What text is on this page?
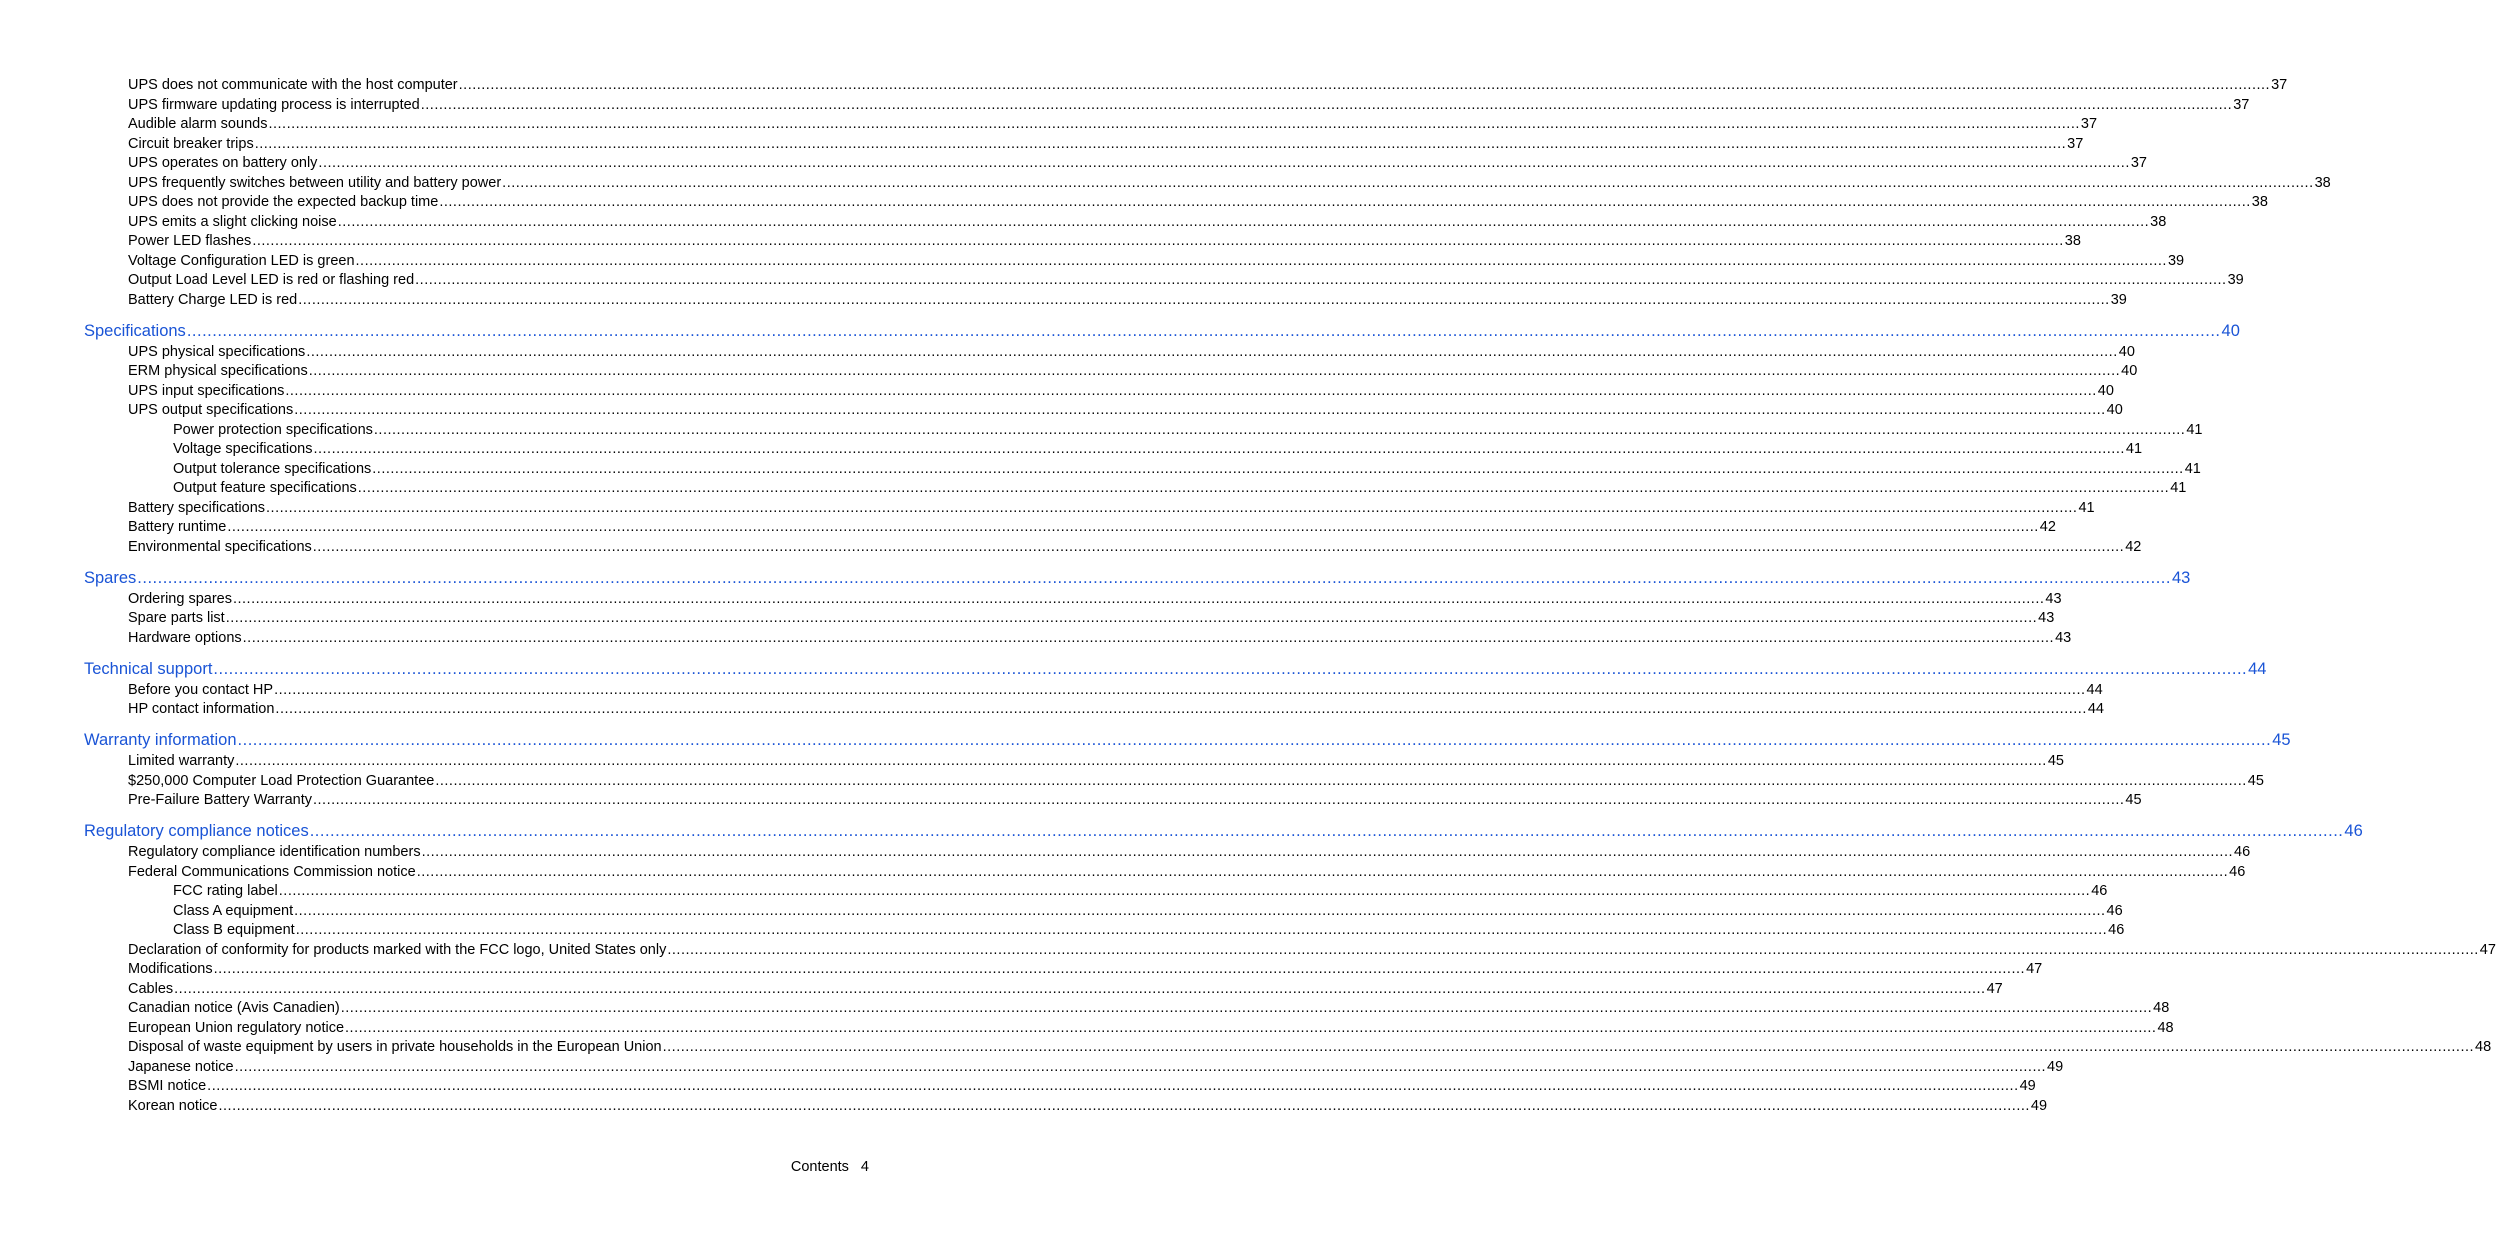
UPS does not communicate with the host computer ................................................................................................................................................................................................................................................................................................................................................................................................................ 37
UPS firmware updating process is interrupted ................................................................................................................................................................................................................................................................................................................................................................................................................ 37
Audible alarm sounds ................................................................................................................................................................................................................................................................................................................................................................................................................ 37
Circuit breaker trips ................................................................................................................................................................................................................................................................................................................................................................................................................ 37
UPS operates on battery only ................................................................................................................................................................................................................................................................................................................................................................................................................ 37
UPS frequently switches between utility and battery power ................................................................................................................................................................................................................................................................................................................................................................................................................ 38
UPS does not provide the expected backup time ................................................................................................................................................................................................................................................................................................................................................................................................................ 38
UPS emits a slight clicking noise ................................................................................................................................................................................................................................................................................................................................................................................................................ 38
Power LED flashes ................................................................................................................................................................................................................................................................................................................................................................................................................ 38
Voltage Configuration LED is green ................................................................................................................................................................................................................................................................................................................................................................................................................ 39
Output Load Level LED is red or flashing red ................................................................................................................................................................................................................................................................................................................................................................................................................ 39
Battery Charge LED is red ................................................................................................................................................................................................................................................................................................................................................................................................................ 39
Specifications ................................................................................................................................................................................................................................................................................................................................................................................................................ 40
UPS physical specifications ................................................................................................................................................................................................................................................................................................................................................................................................................ 40
ERM physical specifications ................................................................................................................................................................................................................................................................................................................................................................................................................ 40
UPS input specifications ................................................................................................................................................................................................................................................................................................................................................................................................................ 40
UPS output specifications ................................................................................................................................................................................................................................................................................................................................................................................................................ 40
Power protection specifications ................................................................................................................................................................................................................................................................................................................................................................................................................ 41
Voltage specifications ................................................................................................................................................................................................................................................................................................................................................................................................................ 41
Output tolerance specifications ................................................................................................................................................................................................................................................................................................................................................................................................................ 41
Output feature specifications ................................................................................................................................................................................................................................................................................................................................................................................................................ 41
Battery specifications ................................................................................................................................................................................................................................................................................................................................................................................................................ 41
Battery runtime ................................................................................................................................................................................................................................................................................................................................................................................................................ 42
Environmental specifications ................................................................................................................................................................................................................................................................................................................................................................................................................ 42
Spares ................................................................................................................................................................................................................................................................................................................................................................................................................ 43
Ordering spares ................................................................................................................................................................................................................................................................................................................................................................................................................ 43
Spare parts list ................................................................................................................................................................................................................................................................................................................................................................................................................ 43
Hardware options ................................................................................................................................................................................................................................................................................................................................................................................................................ 43
Technical support ................................................................................................................................................................................................................................................................................................................................................................................................................ 44
Before you contact HP ................................................................................................................................................................................................................................................................................................................................................................................................................ 44
HP contact information ................................................................................................................................................................................................................................................................................................................................................................................................................ 44
Warranty information ................................................................................................................................................................................................................................................................................................................................................................................................................ 45
Limited warranty ................................................................................................................................................................................................................................................................................................................................................................................................................ 45
$250,000 Computer Load Protection Guarantee ................................................................................................................................................................................................................................................................................................................................................................................................................ 45
Pre-Failure Battery Warranty ................................................................................................................................................................................................................................................................................................................................................................................................................ 45
Regulatory compliance notices ................................................................................................................................................................................................................................................................................................................................................................................................................ 46
Regulatory compliance identification numbers ................................................................................................................................................................................................................................................................................................................................................................................................................ 46
Federal Communications Commission notice ................................................................................................................................................................................................................................................................................................................................................................................................................ 46
FCC rating label ................................................................................................................................................................................................................................................................................................................................................................................................................ 46
Class A equipment ................................................................................................................................................................................................................................................................................................................................................................................................................ 46
Class B equipment ................................................................................................................................................................................................................................................................................................................................................................................................................ 46
Declaration of conformity for products marked with the FCC logo, United States only ................................................................................................................................................................................................................................................................................................................................................................................................................ 47
Modifications ................................................................................................................................................................................................................................................................................................................................................................................................................ 47
Cables ................................................................................................................................................................................................................................................................................................................................................................................................................ 47
Canadian notice (Avis Canadien) ................................................................................................................................................................................................................................................................................................................................................................................................................ 48
European Union regulatory notice ................................................................................................................................................................................................................................................................................................................................................................................................................ 48
Disposal of waste equipment by users in private households in the European Union ................................................................................................................................................................................................................................................................................................................................................................................................................ 48
Japanese notice ................................................................................................................................................................................................................................................................................................................................................................................................................ 49
BSMI notice ................................................................................................................................................................................................................................................................................................................................................................................................................ 49
Korean notice ................................................................................................................................................................................................................................................................................................................................................................................................................ 49
Contents 4
